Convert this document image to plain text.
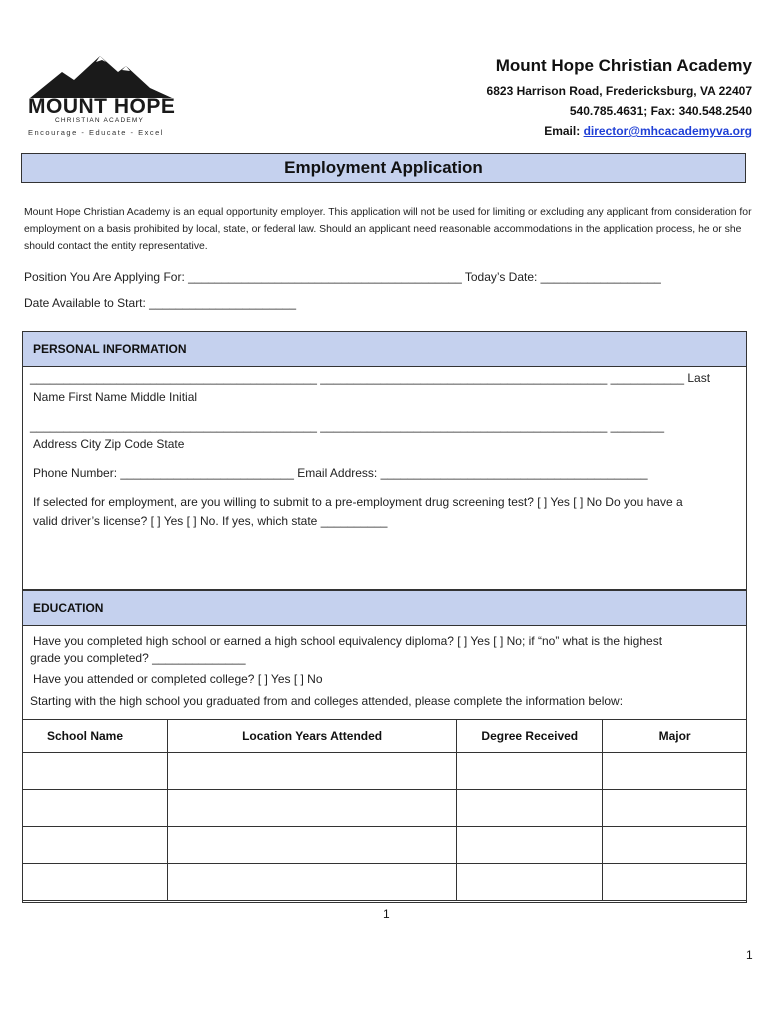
MOUNT HOPE
CHRISTIAN ACADEMY
Encourage - Educate - Excel
Mount Hope Christian Academy
6823 Harrison Road, Fredericksburg, VA 22407
540.785.4631; Fax: 340.548.2540
Email: director@mhcacademyva.org
Employment Application
Mount Hope Christian Academy is an equal opportunity employer. This application will not be used for limiting or excluding any applicant from consideration for employment on a basis prohibited by local, state, or federal law. Should an applicant need reasonable accommodations in the application process, he or she should contact the entity representative.
Position You Are Applying For: _________________________________________ Today’s Date: __________________
Date Available to Start: ______________________
PERSONAL INFORMATION
___________________________________________ ___________________________________________ ___________ Last
Name First Name Middle Initial
___________________________________________ ___________________________________________ ________
Address City Zip Code State
Phone Number: __________________________ Email Address: ________________________________________
If selected for employment, are you willing to submit to a pre-employment drug screening test? [ ] Yes [ ] No Do you have a
valid driver’s license? [ ] Yes [ ] No. If yes, which state __________
EDUCATION
Have you completed high school or earned a high school equivalency diploma? [ ] Yes [ ] No; if “no” what is the highest
grade you completed? ______________
Have you attended or completed college? [ ] Yes [ ] No
Starting with the high school you graduated from and colleges attended, please complete the information below:
School Name	Location Years Attended	Degree Received	Major

1
1
